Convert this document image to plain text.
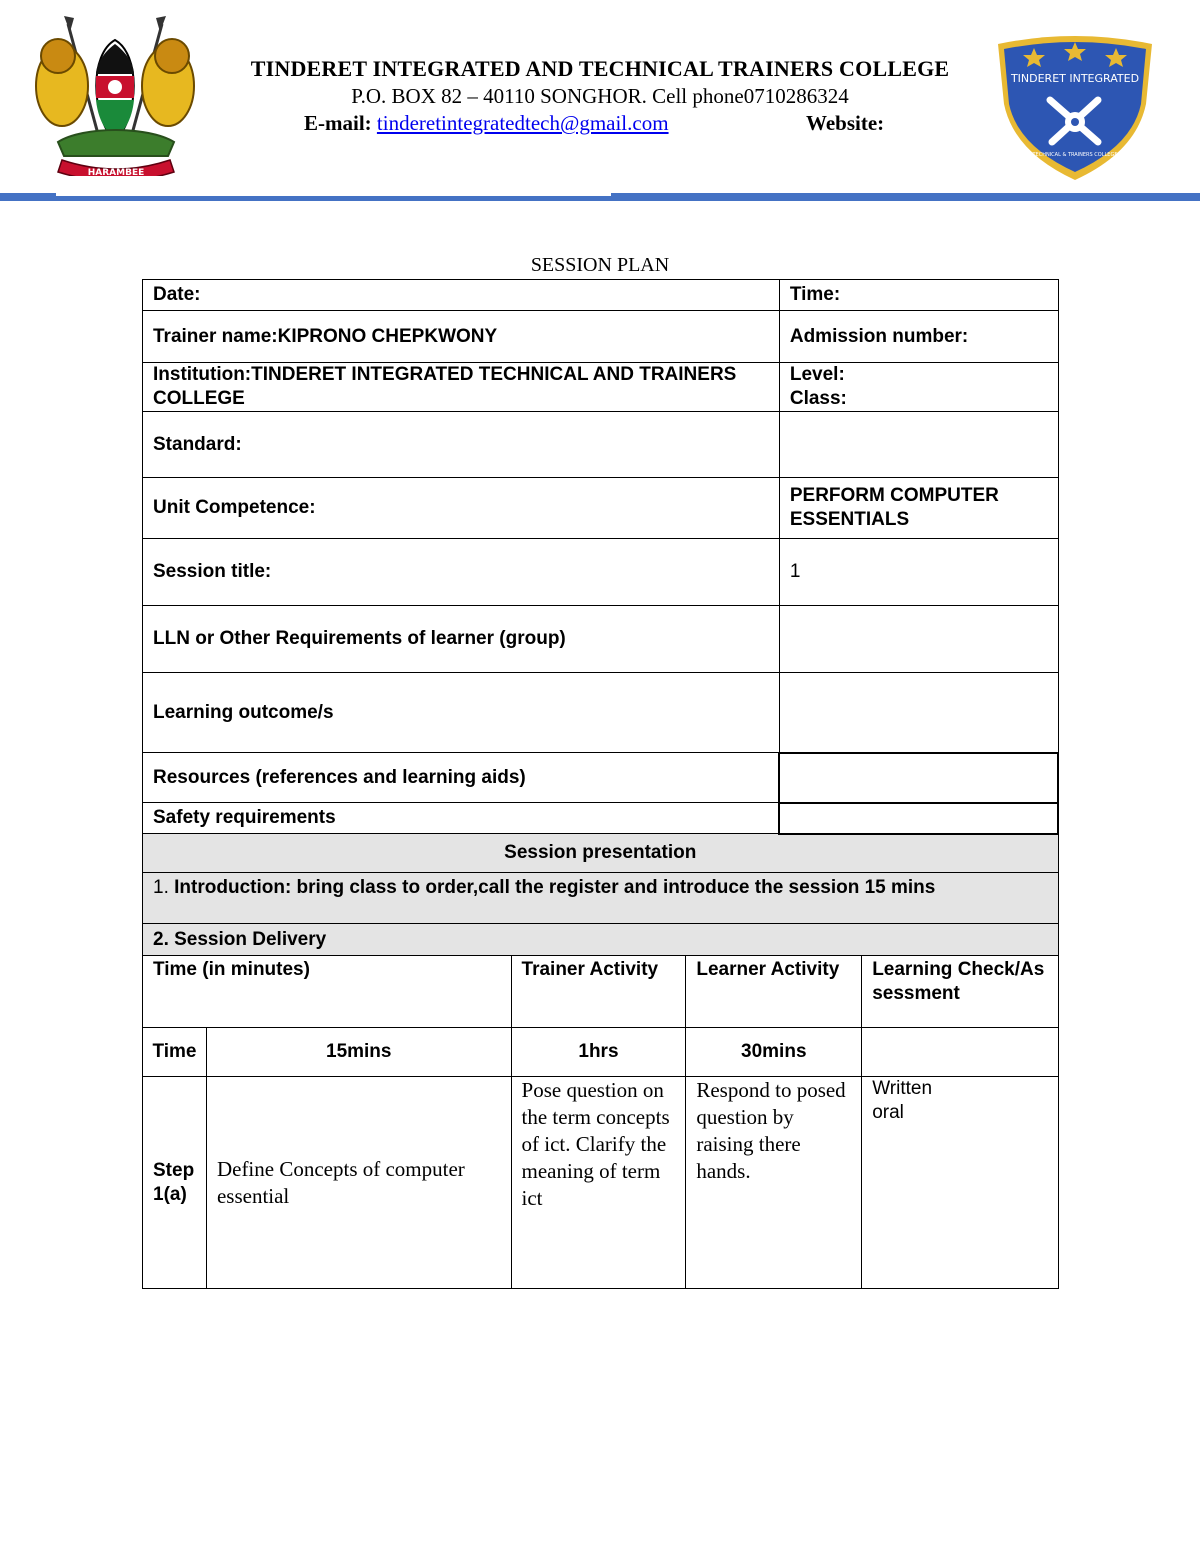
HARAMBEE
TINDERET INTEGRATED AND TECHNICAL TRAINERS COLLEGE
P.O. BOX 82 – 40110 SONGHOR. Cell phone0710286324
E-mail: tinderetintegratedtech@gmail.com	Website:
TINDERET INTEGRATED
TECHNICAL & TRAINERS COLLEGE
SESSION PLAN
Date:	Time:
Trainer name:KIPRONO CHEPKWONY	Admission number:
Institution:TINDERET INTEGRATED TECHNICAL AND TRAINERS COLLEGE	Level:
Class:

Standard:	
Unit Competence:	PERFORM COMPUTER ESSENTIALS
Session title:	1
LLN or Other Requirements of learner (group)	
Learning outcome/s	
Resources (references and learning aids)	
Safety requirements	
Session presentation	
1. Introduction: bring class to order,call the register and introduce the session 15 mins	
2. Session Delivery	
Time (in minutes)		Trainer Activity	Learner Activity	Learning Check/Assessment
Time	15mins	1hrs	30mins	
Step 1(a)	Define Concepts of computer essential	Pose question on the term concepts of ict. Clarify the meaning of term ict	Respond to posed question by raising there hands.	Written
oral
